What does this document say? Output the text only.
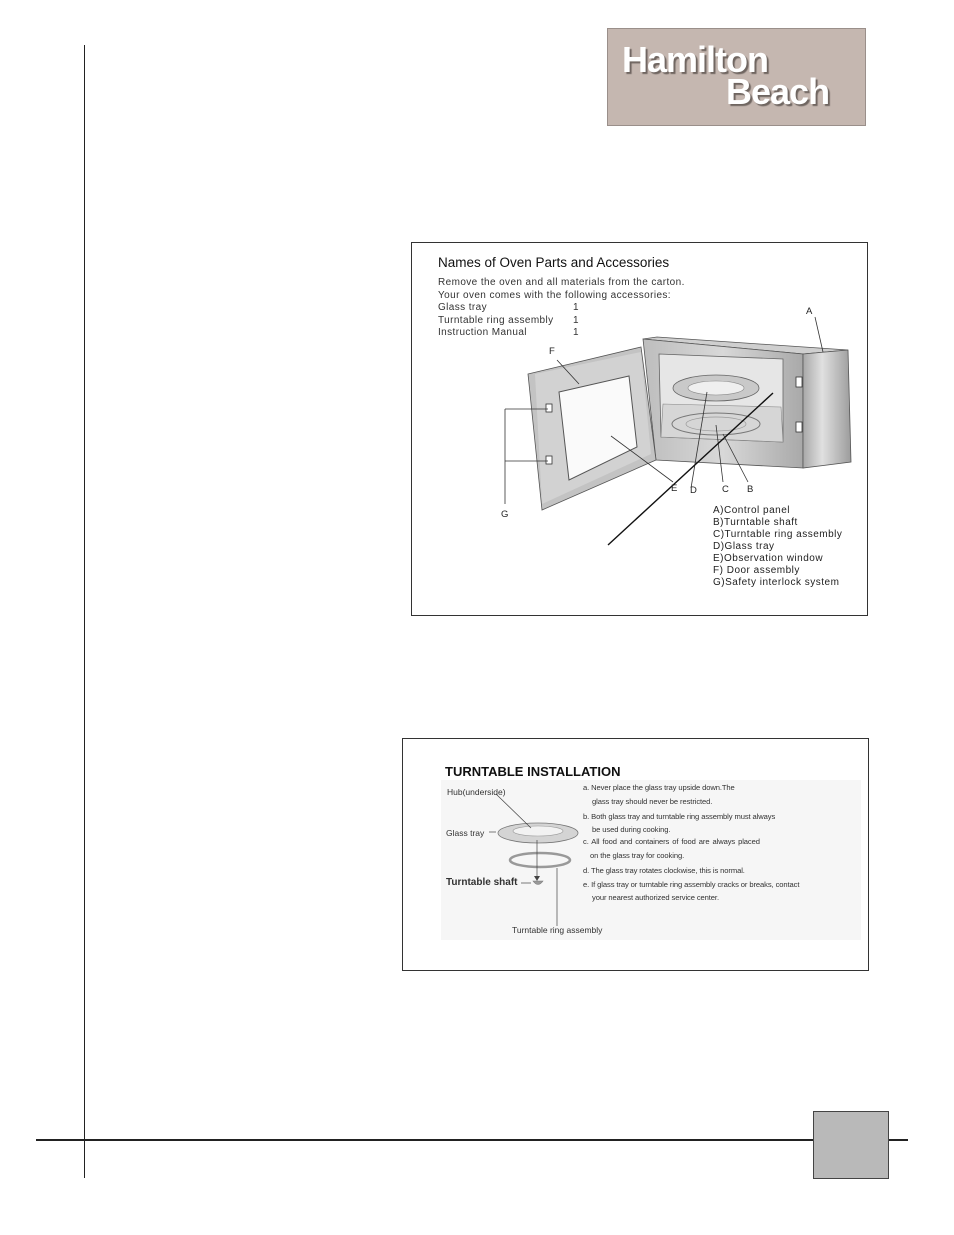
Hamilton
Beach
Names of Oven Parts and Accessories
Remove the oven and all materials from the carton.
Your oven comes with the following accessories:
Glass tray	1
Turntable ring assembly 1
Instruction Manual	1
F
A
E D	C B
G	A)Control panel
B)Turntable shaft
C)Turntable ring assembly
D)Glass tray
E)Observation window
F) Door assembly
G)Safety interlock system
TURNTABLE INSTALLATION
Hub(underside)
Glass tray
Turntable shaft
Turntable ring assembly
a. Never place the glass tray upside down.The
glass tray should never be restricted.
b. Both glass tray and turntable ring assembly must always
be used during cooking.
c. All food and containers of food are always placed
on the glass tray for cooking.
d. The glass tray rotates clockwise, this is normal.
e. If glass tray or turntable ring assembly cracks or breaks, contact
your nearest authorized service center.
